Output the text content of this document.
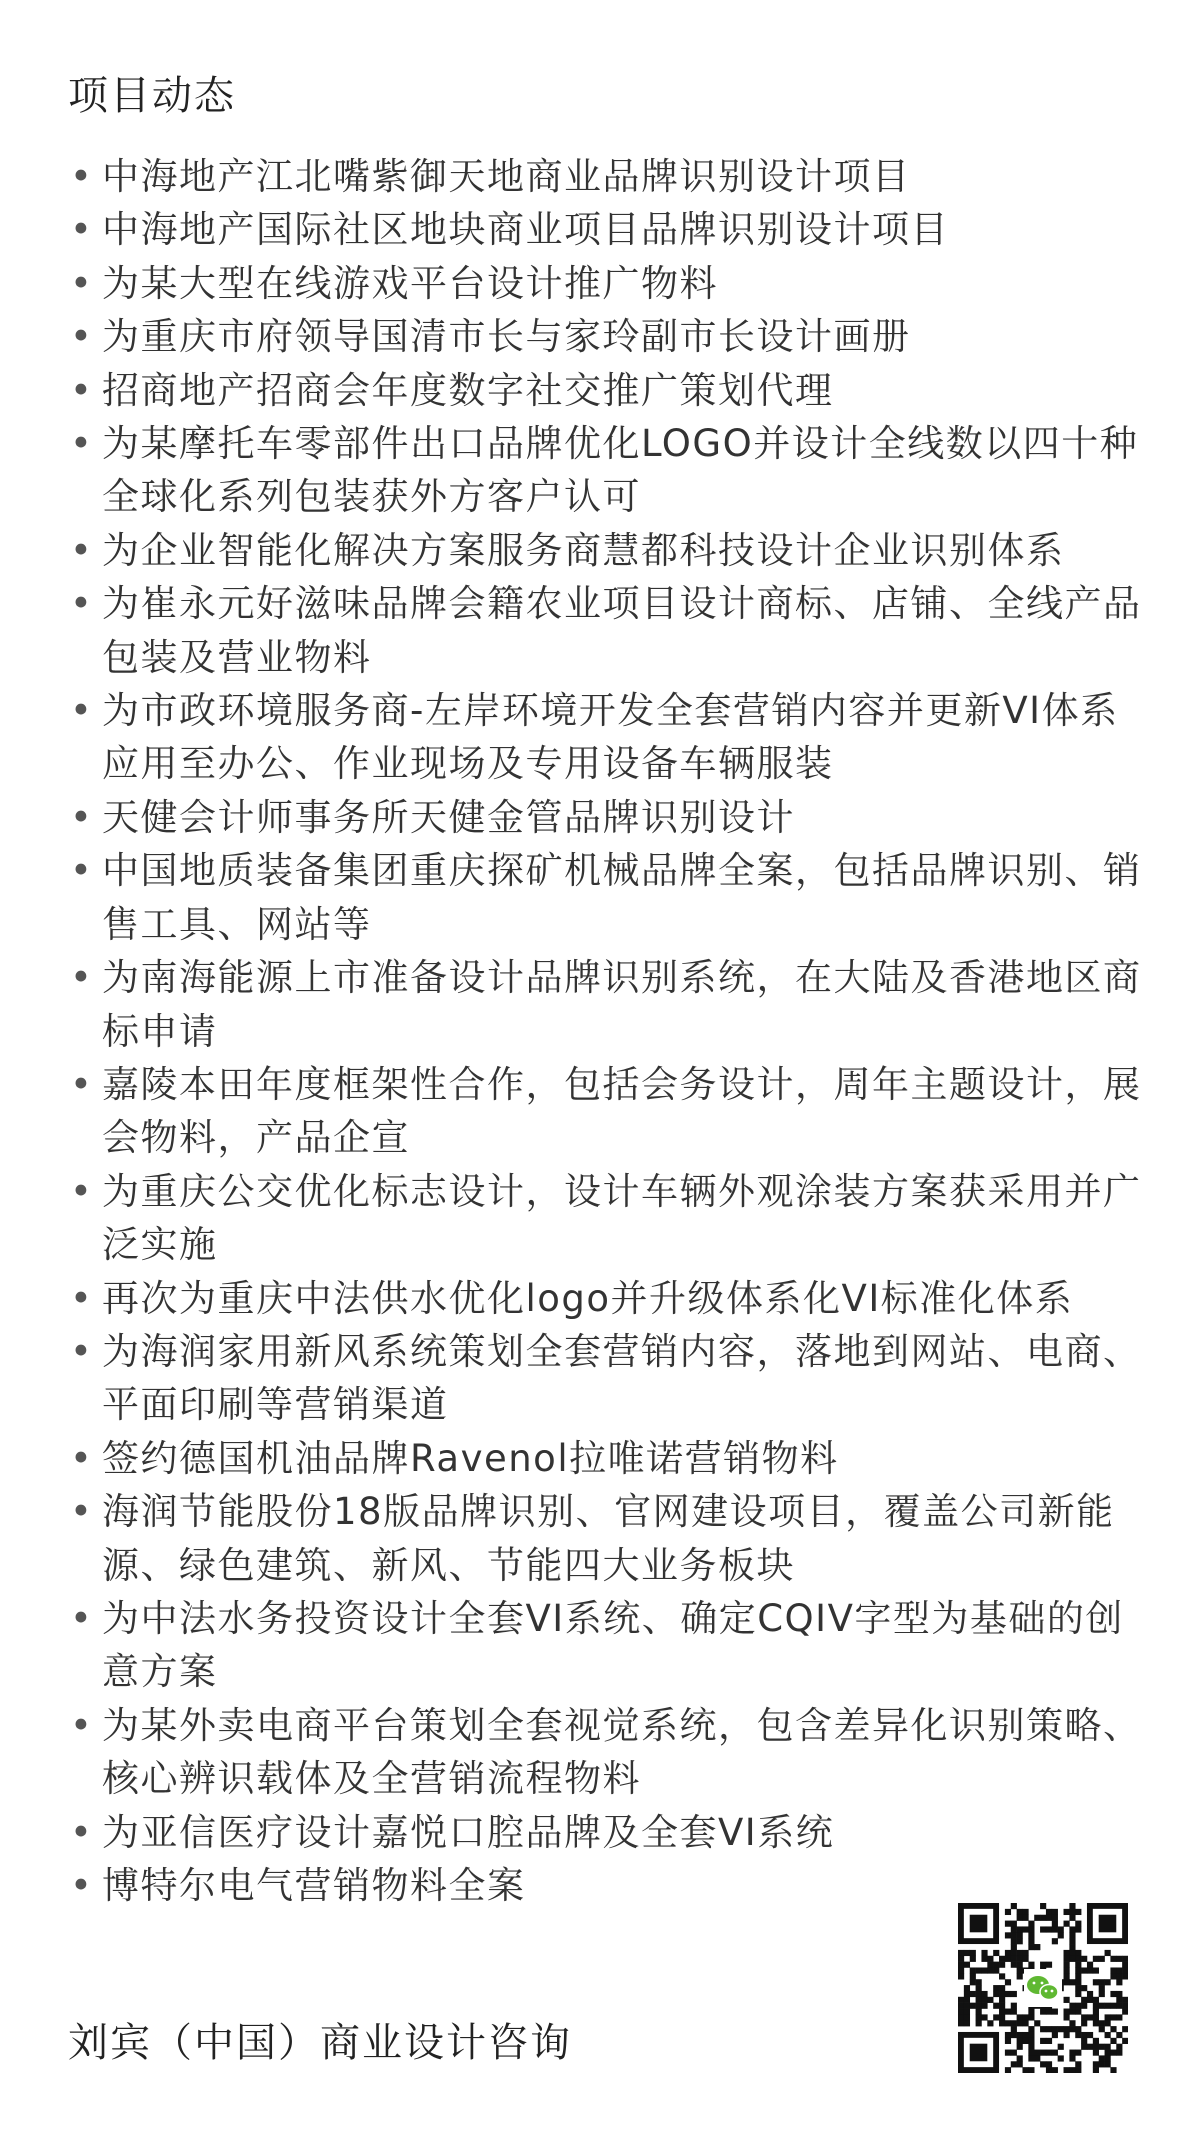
项目动态
• 中海地产江北嘴紫御天地商业品牌识别设计项目
• 中海地产国际社区地块商业项目品牌识别设计项目
• 为某大型在线游戏平台设计推广物料
• 为重庆市府领导国清市长与家玲副市长设计画册
• 招商地产招商会年度数字社交推广策划代理
• 为某摩托车零部件出口品牌优化LOGO并设计全线数以四十种全球化系列包装获外方客户认可
• 为企业智能化解决方案服务商慧都科技设计企业识别体系
• 为崔永元好滋味品牌会籍农业项目设计商标、店铺、全线产品包装及营业物料
• 为市政环境服务商-左岸环境开发全套营销内容并更新VI体系应用至办公、作业现场及专用设备车辆服装
• 天健会计师事务所天健金管品牌识别设计
• 中国地质装备集团重庆探矿机械品牌全案，包括品牌识别、销售工具、网站等
• 为南海能源上市准备设计品牌识别系统，在大陆及香港地区商标申请
• 嘉陵本田年度框架性合作，包括会务设计，周年主题设计，展会物料，产品企宣
• 为重庆公交优化标志设计，设计车辆外观涂装方案获采用并广泛实施
• 再次为重庆中法供水优化logo并升级体系化VI标准化体系
• 为海润家用新风系统策划全套营销内容，落地到网站、电商、平面印刷等营销渠道
• 签约德国机油品牌Ravenol拉唯诺营销物料
• 海润节能股份18版品牌识别、官网建设项目，覆盖公司新能源、绿色建筑、新风、节能四大业务板块
• 为中法水务投资设计全套VI系统、确定CQIV字型为基础的创意方案
• 为某外卖电商平台策划全套视觉系统，包含差异化识别策略、核心辨识载体及全营销流程物料
• 为亚信医疗设计嘉悦口腔品牌及全套VI系统
• 博特尔电气营销物料全案
刘宾（中国）商业设计咨询
